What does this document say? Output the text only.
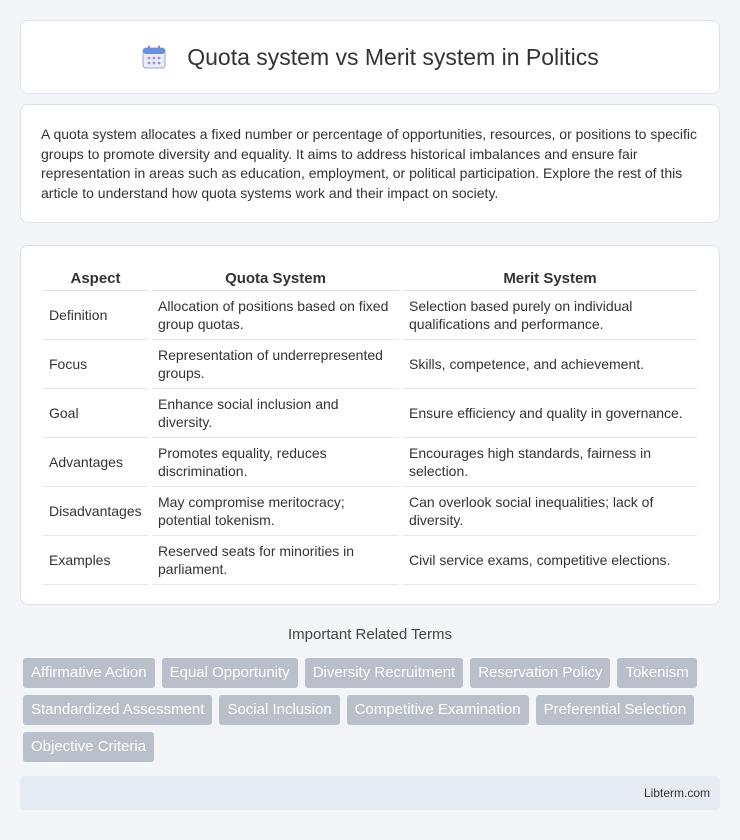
Quota system vs Merit system in Politics

A quota system allocates a fixed number or percentage of opportunities, resources, or positions to specific groups to promote diversity and equality. It aims to address historical imbalances and ensure fair representation in areas such as education, employment, or political participation. Explore the rest of this article to understand how quota systems work and their impact on society.

Aspect	Quota System	Merit System
Definition	Allocation of positions based on fixed group quotas.	Selection based purely on individual qualifications and performance.
Focus	Representation of underrepresented groups.	Skills, competence, and achievement.
Goal	Enhance social inclusion and diversity.	Ensure efficiency and quality in governance.
Advantages	Promotes equality, reduces discrimination.	Encourages high standards, fairness in selection.
Disadvantages	May compromise meritocracy; potential tokenism.	Can overlook social inequalities; lack of diversity.
Examples	Reserved seats for minorities in parliament.	Civil service exams, competitive elections.
Important Related Terms
Affirmative Action	Equal Opportunity	Diversity Recruitment	Reservation Policy	Tokenism
Standardized Assessment	Social Inclusion	Competitive Examination	Preferential Selection
Objective Criteria
Libterm.com
